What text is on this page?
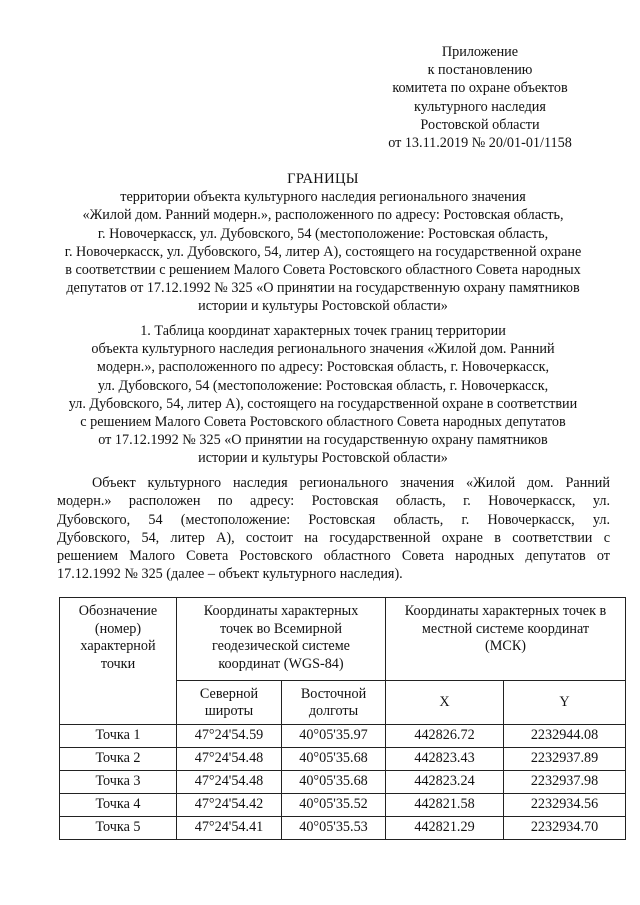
Приложение
к постановлению
комитета по охране объектов
культурного наследия
Ростовской области
от 13.11.2019 № 20/01-01/1158
ГРАНИЦЫ
территории объекта культурного наследия регионального значения
«Жилой дом. Ранний модерн.», расположенного по адресу: Ростовская область,
г. Новочеркасск, ул. Дубовского, 54 (местоположение: Ростовская область,
г. Новочеркасск, ул. Дубовского, 54, литер А), состоящего на государственной охране
в соответствии с решением Малого Совета Ростовского областного Совета народных
депутатов от 17.12.1992 № 325 «О принятии на государственную охрану памятников
истории и культуры Ростовской области»
1. Таблица координат характерных точек границ территории
объекта культурного наследия регионального значения «Жилой дом. Ранний
модерн.», расположенного по адресу: Ростовская область, г. Новочеркасск,
ул. Дубовского, 54 (местоположение: Ростовская область, г. Новочеркасск,
ул. Дубовского, 54, литер А), состоящего на государственной охране в соответствии
с решением Малого Совета Ростовского областного Совета народных депутатов
от 17.12.1992 № 325 «О принятии на государственную охрану памятников
истории и культуры Ростовской области»
Объект культурного наследия регионального значения «Жилой дом. Ранний
модерн.» расположен по адресу: Ростовская область, г. Новочеркасск, ул.
Дубовского, 54 (местоположение: Ростовская область, г. Новочеркасск, ул.
Дубовского, 54, литер А), состоит на государственной охране в соответствии с
решением Малого Совета Ростовского областного Совета народных депутатов от
17.12.1992 № 325 (далее – объект культурного наследия).
Обозначение
(номер)
характерной
точки	Координаты характерных
точек во Всемирной
геодезической системе
координат (WGS-84)		Координаты характерных точек в
местной системе координат
(МСК)	

	Северной
широты	Восточной
долготы	X	Y
Точка 1	47°24'54.59	40°05'35.97	442826.72	2232944.08
Точка 2	47°24'54.48	40°05'35.68	442823.43	2232937.89
Точка 3	47°24'54.48	40°05'35.68	442823.24	2232937.98
Точка 4	47°24'54.42	40°05'35.52	442821.58	2232934.56
Точка 5	47°24'54.41	40°05'35.53	442821.29	2232934.70
